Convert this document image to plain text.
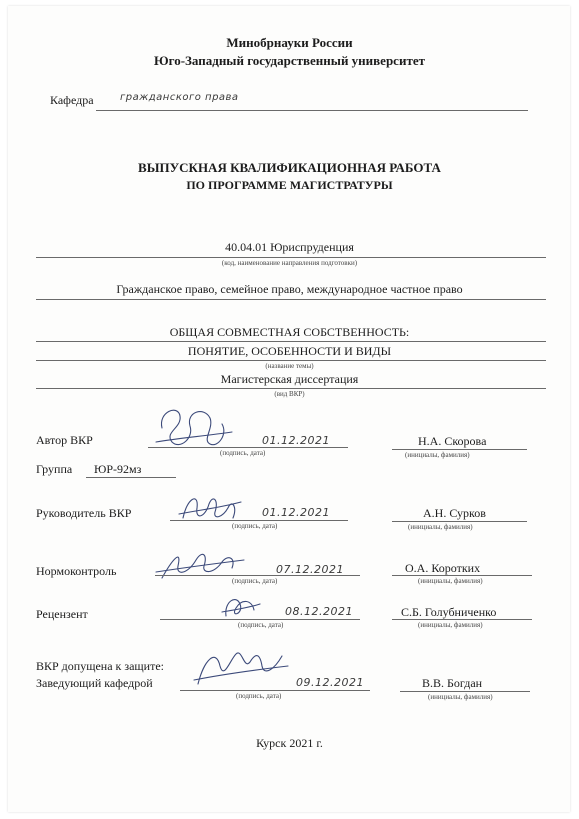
Минобрнауки России
Юго-Западный государственный университет
Кафедра	гражданского права
ВЫПУСКНАЯ КВАЛИФИКАЦИОННАЯ РАБОТА
ПО ПРОГРАММЕ МАГИСТРАТУРЫ
40.04.01 Юриспруденция
(код, наименование направления подготовки)
Гражданское право, семейное право, международное частное право
ОБЩАЯ СОВМЕСТНАЯ СОБСТВЕННОСТЬ:
ПОНЯТИЕ, ОСОБЕННОСТИ И ВИДЫ
(название темы)
Магистерская диссертация
(вид ВКР)
Автор ВКР	01.12.2021
(подпись, дата)
Н.А. Скорова
(инициалы, фамилия)
Группа ЮР-92мз
Руководитель ВКР	01.12.2021
(подпись, дата)
А.Н. Сурков
(инициалы, фамилия)
Нормоконтроль	07.12.2021
(подпись, дата)
О.А. Коротких
(инициалы, фамилия)
Рецензент	08.12.2021
(подпись, дата)
С.Б. Голубниченко
(инициалы, фамилия)
ВКР допущена к защите:
Заведующий кафедрой	09.12.2021
(подпись, дата)
В.В. Богдан
(инициалы, фамилия)
Курск 2021 г.
